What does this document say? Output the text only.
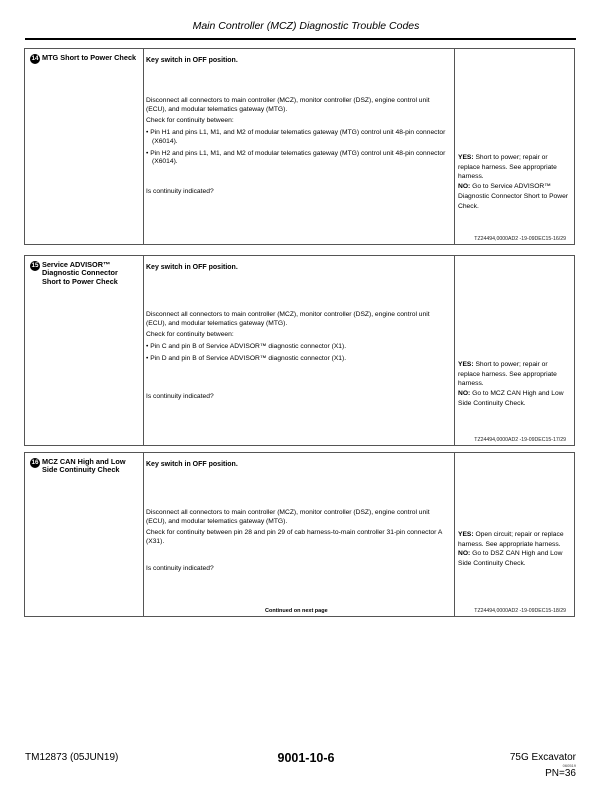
Main Controller (MCZ) Diagnostic Trouble Codes
14 MTG Short to Power Check	Key switch in OFF position.

Disconnect all connectors to main controller (MCZ), monitor controller (DSZ), engine control unit (ECU), and modular telematics gateway (MTG).

Check for continuity between:

• Pin H1 and pins L1, M1, and M2 of modular telematics gateway (MTG) control unit 48-pin connector (X6014).

• Pin H2 and pins L1, M1, and M2 of modular telematics gateway (MTG) control unit 48-pin connector (X6014).

Is continuity indicated?
YES: Short to power; repair or replace harness. See appropriate harness.
NO: Go to Service ADVISOR™ Diagnostic Connector Short to Power Check.
TZ24494,0000AD2 -19-09DEC15-16/29
15 Service ADVISOR™ Diagnostic Connector Short to Power Check
Key switch in OFF position.

Disconnect all connectors to main controller (MCZ), monitor controller (DSZ), engine control unit (ECU), and modular telematics gateway (MTG).

Check for continuity between:

• Pin C and pin B of Service ADVISOR™ diagnostic connector (X1).

• Pin D and pin B of Service ADVISOR™ diagnostic connector (X1).

Is continuity indicated?
YES: Short to power; repair or replace harness. See appropriate harness.
NO: Go to MCZ CAN High and Low Side Continuity Check.
TZ24494,0000AD2 -19-09DEC15-17/29
16 MCZ CAN High and Low Side Continuity Check
Key switch in OFF position.

Disconnect all connectors to main controller (MCZ), monitor controller (DSZ), engine control unit (ECU), and modular telematics gateway (MTG).

Check for continuity between pin 28 and pin 29 of cab harness-to-main controller 31-pin connector A (X31).

Is continuity indicated?
YES: Open circuit; repair or replace harness. See appropriate harness.
NO: Go to DSZ CAN High and Low Side Continuity Check.
Continued on next page	TZ24494,0000AD2 -19-09DEC15-18/29
TM12873 (05JUN19)	9001-10-6	75G Excavator
060519
PN=36
